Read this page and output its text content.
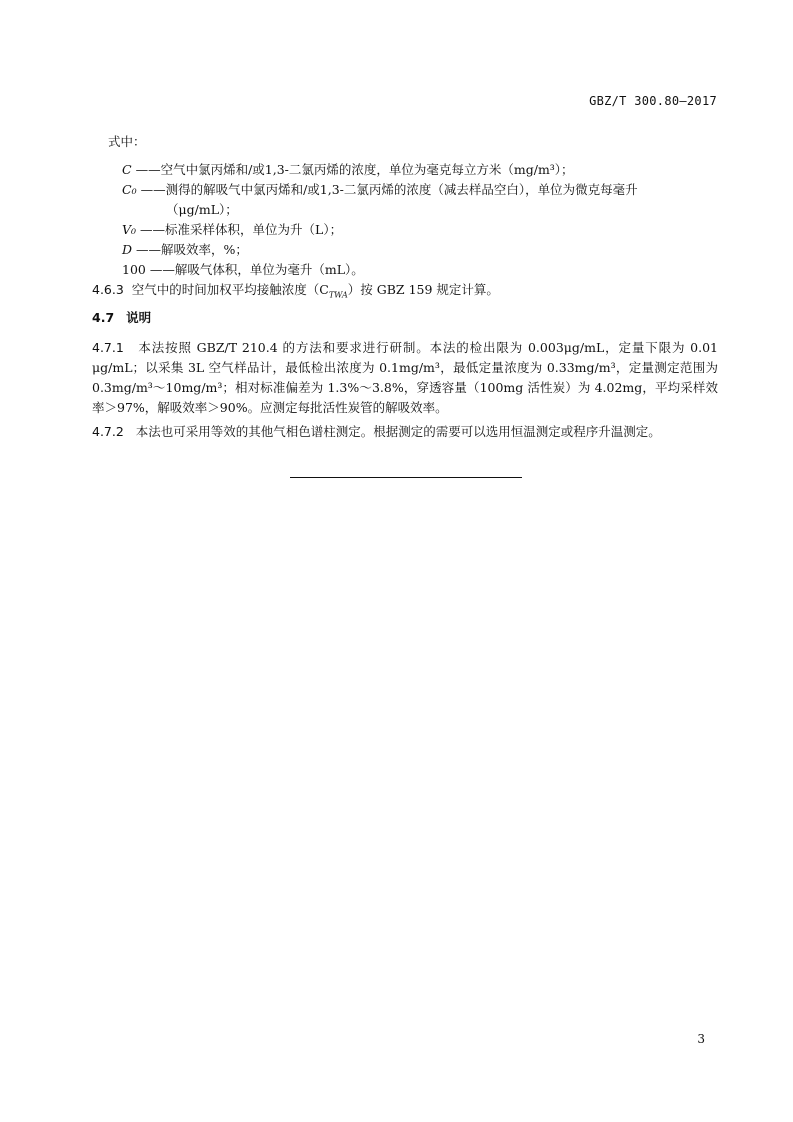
GBZ/T 300.80—2017
式中：
C ——空气中氯丙烯和/或1,3-二氯丙烯的浓度，单位为毫克每立方米（mg/m³）；
C₀ ——测得的解吸气中氯丙烯和/或1,3-二氯丙烯的浓度（减去样品空白），单位为微克每毫升
（μg/mL）；
V₀ ——标准采样体积，单位为升（L）；
D ——解吸效率，%；
100 ——解吸气体积，单位为毫升（mL）。
4.6.3 空气中的时间加权平均接触浓度$(C_{TWA})$按 GBZ 159 规定计算。
4.7 说明
4.7.1 本法按照 GBZ/T 210.4 的方法和要求进行研制。本法的检出限为 0.003μg/mL，定量下限为 0.01 μg/mL；以采集 3L 空气样品计，最低检出浓度为 0.1mg/m³，最低定量浓度为 0.33mg/m³，定量测定范围为 0.3mg/m³～10mg/m³；相对标准偏差为 1.3%～3.8%，穿透容量（100mg 活性炭）为 4.02mg，平均采样效率＞97%，解吸效率＞90%。应测定每批活性炭管的解吸效率。
4.7.2 本法也可采用等效的其他气相色谱柱测定。根据测定的需要可以选用恒温测定或程序升温测定。
3
